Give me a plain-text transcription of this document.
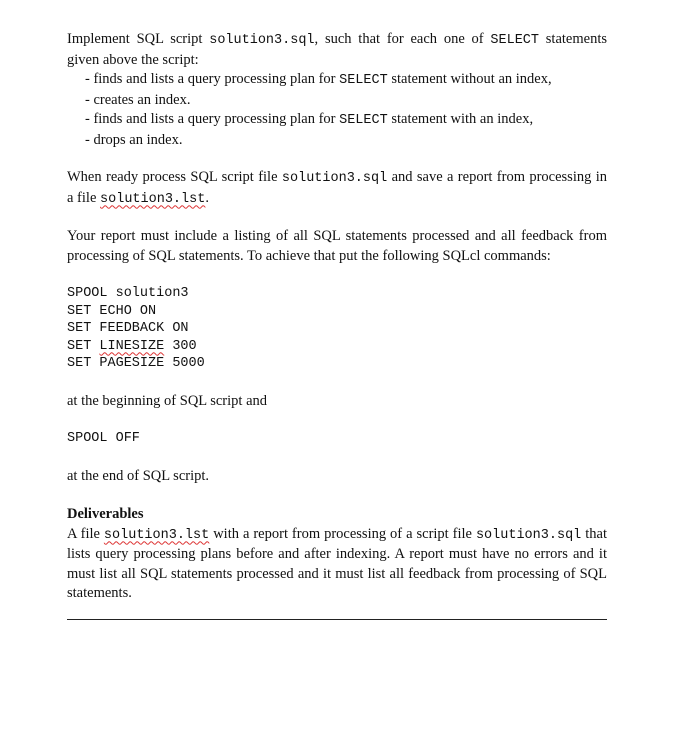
Implement SQL script solution3.sql, such that for each one of SELECT statements given above the script:

- finds and lists a query processing plan for SELECT statement without an index,
- creates an index.
- finds and lists a query processing plan for SELECT statement with an index,
- drops an index.

When ready process SQL script file solution3.sql and save a report from processing in a file solution3.lst.

Your report must include a listing of all SQL statements processed and all feedback from processing of SQL statements. To achieve that put the following SQLcl commands:

SPOOL solution3
SET ECHO ON
SET FEEDBACK ON
SET LINESIZE 300
SET PAGESIZE 5000

at the beginning of SQL script and

SPOOL OFF

at the end of SQL script.

Deliverables

A file solution3.lst with a report from processing of a script file solution3.sql that lists query processing plans before and after indexing. A report must have no errors and it must list all SQL statements processed and it must list all feedback from processing of SQL statements.
